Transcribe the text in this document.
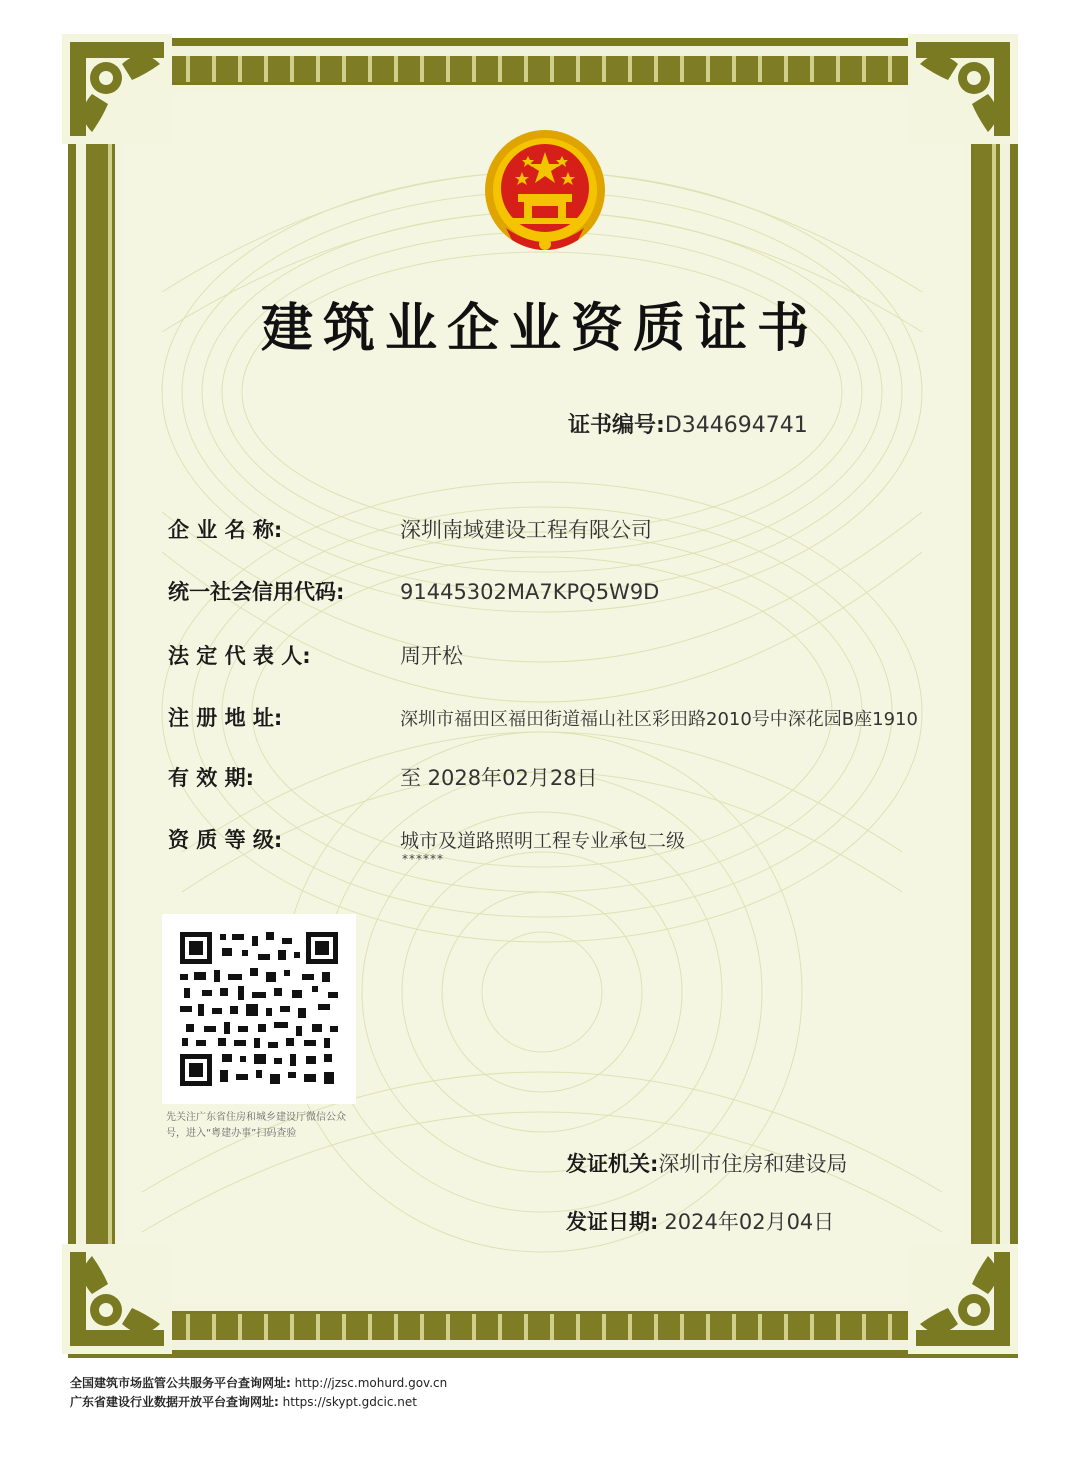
建筑业企业资质证书
证书编号:D344694741
企 业 名 称:	深圳南域建设工程有限公司
统一社会信用代码:	91445302MA7KPQ5W9D
法 定 代 表 人:	周开松
注 册 地 址:	深圳市福田区福田街道福山社区彩田路2010号中深花园B座1910
有 效 期:	至 2028年02月28日
资 质 等 级:	城市及道路照明工程专业承包二级
******
先关注广东省住房和城乡建设厅微信公众号，进入“粤建办事”扫码查验
发证机关:深圳市住房和建设局
发证日期: 2024年02月04日
全国建筑市场监管公共服务平台查询网址: http://jzsc.mohurd.gov.cn
广东省建设行业数据开放平台查询网址: https://skypt.gdcic.net
